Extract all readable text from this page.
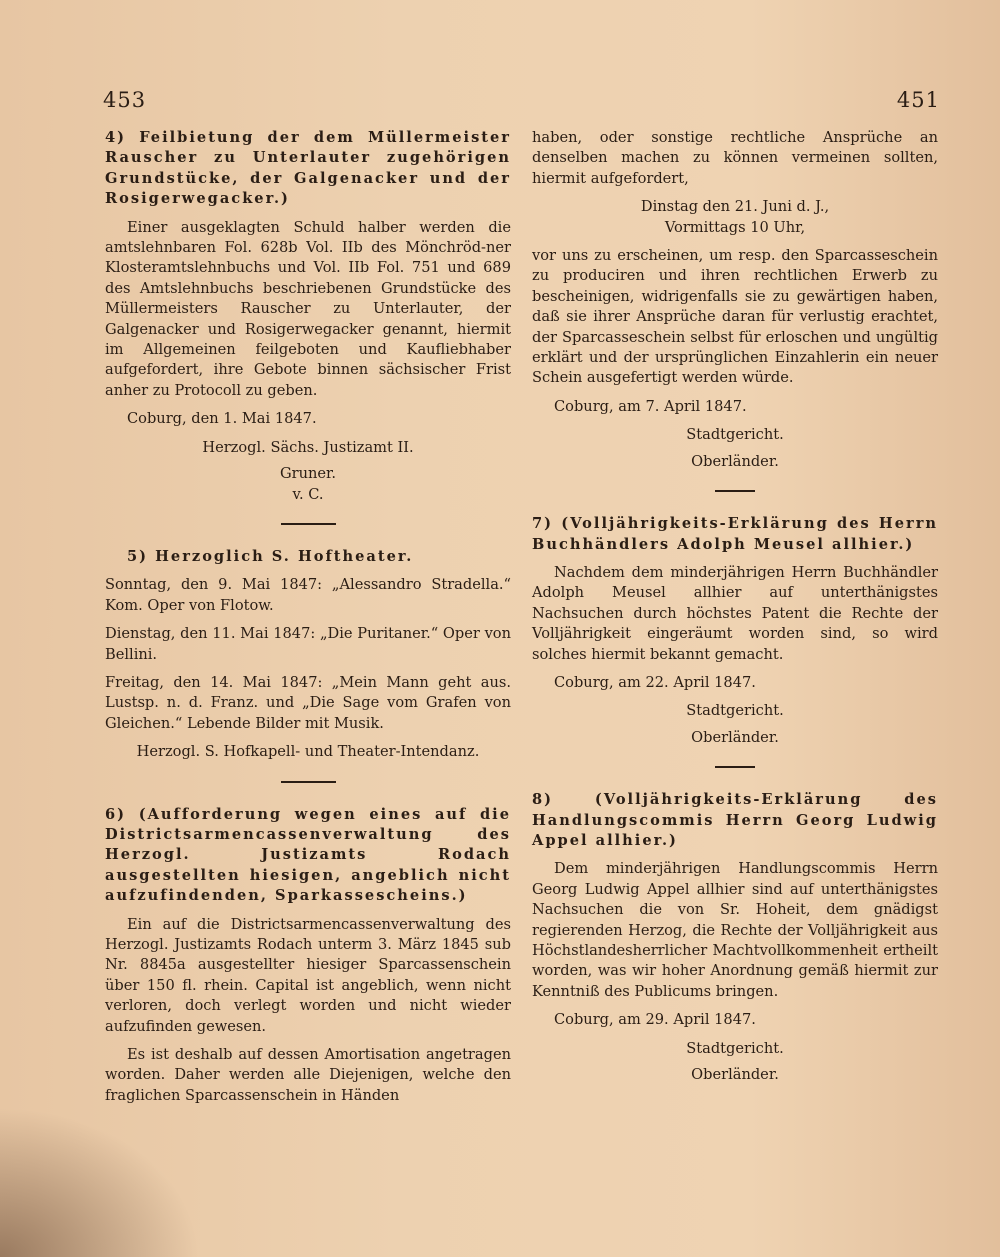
453	451

4) Feilbietung der dem Müllermeister Rauscher zu Unterlauter zugehörigen Grundstücke, der Galgenacker und der Rosigerwegacker.)

Einer ausgeklagten Schuld halber werden die amtslehnbaren Fol. 628b Vol. IIb des Mönchröd-ner Klosteramtslehnbuchs und Vol. IIb Fol. 751 und 689 des Amtslehnbuchs beschriebenen Grundstücke des Müllermeisters Rauscher zu Unterlauter, der Galgenacker und Rosigerwegacker genannt, hiermit im Allgemeinen feilgeboten und Kaufliebhaber aufgefordert, ihre Gebote binnen sächsischer Frist anher zu Protocoll zu geben.

Coburg, den 1. Mai 1847.

Herzogl. Sächs. Justizamt II.

Gruner.

v. C.

5) Herzoglich S. Hoftheater.

Sonntag, den 9. Mai 1847: „Alessandro Stradella.“ Kom. Oper von Flotow.

Dienstag, den 11. Mai 1847: „Die Puritaner.“ Oper von Bellini.

Freitag, den 14. Mai 1847: „Mein Mann geht aus. Lustsp. n. d. Franz. und „Die Sage vom Grafen von Gleichen.“ Lebende Bilder mit Musik.

Herzogl. S. Hofkapell- und Theater-Intendanz.

6) (Aufforderung wegen eines auf die Districtsarmencassenverwaltung des Herzogl. Justizamts Rodach ausgestellten hiesigen, angeblich nicht aufzufindenden, Sparkassescheins.)

Ein auf die Districtsarmencassenverwaltung des Herzogl. Justizamts Rodach unterm 3. März 1845 sub Nr. 8845a ausgestellter hiesiger Sparcassenschein über 150 fl. rhein. Capital ist angeblich, wenn nicht verloren, doch verlegt worden und nicht wieder aufzufinden gewesen.

Es ist deshalb auf dessen Amortisation angetragen worden. Daher werden alle Diejenigen, welche den fraglichen Sparcassenschein in Händen

haben, oder sonstige rechtliche Ansprüche an denselben machen zu können vermeinen sollten, hiermit aufgefordert,

Dinstag den 21. Juni d. J.,

Vormittags 10 Uhr,

vor uns zu erscheinen, um resp. den Sparcasseschein zu produciren und ihren rechtlichen Erwerb zu bescheinigen, widrigenfalls sie zu gewärtigen haben, daß sie ihrer Ansprüche daran für verlustig erachtet, der Sparcasseschein selbst für erloschen und ungültig erklärt und der ursprünglichen Einzahlerin ein neuer Schein ausgefertigt werden würde.

Coburg, am 7. April 1847.

Stadtgericht.

Oberländer.

7) (Volljährigkeits-Erklärung des Herrn Buchhändlers Adolph Meusel allhier.)

Nachdem dem minderjährigen Herrn Buchhändler Adolph Meusel allhier auf unterthänigstes Nachsuchen durch höchstes Patent die Rechte der Volljährigkeit eingeräumt worden sind, so wird solches hiermit bekannt gemacht.

Coburg, am 22. April 1847.

Stadtgericht.

Oberländer.

8) (Volljährigkeits-Erklärung des Handlungscommis Herrn Georg Ludwig Appel allhier.)

Dem minderjährigen Handlungscommis Herrn Georg Ludwig Appel allhier sind auf unterthänigstes Nachsuchen die von Sr. Hoheit, dem gnädigst regierenden Herzog, die Rechte der Volljährigkeit aus Höchstlandesherrlicher Machtvollkommenheit ertheilt worden, was wir hoher Anordnung gemäß hiermit zur Kenntniß des Publicums bringen.

Coburg, am 29. April 1847.

Stadtgericht.

Oberländer.
